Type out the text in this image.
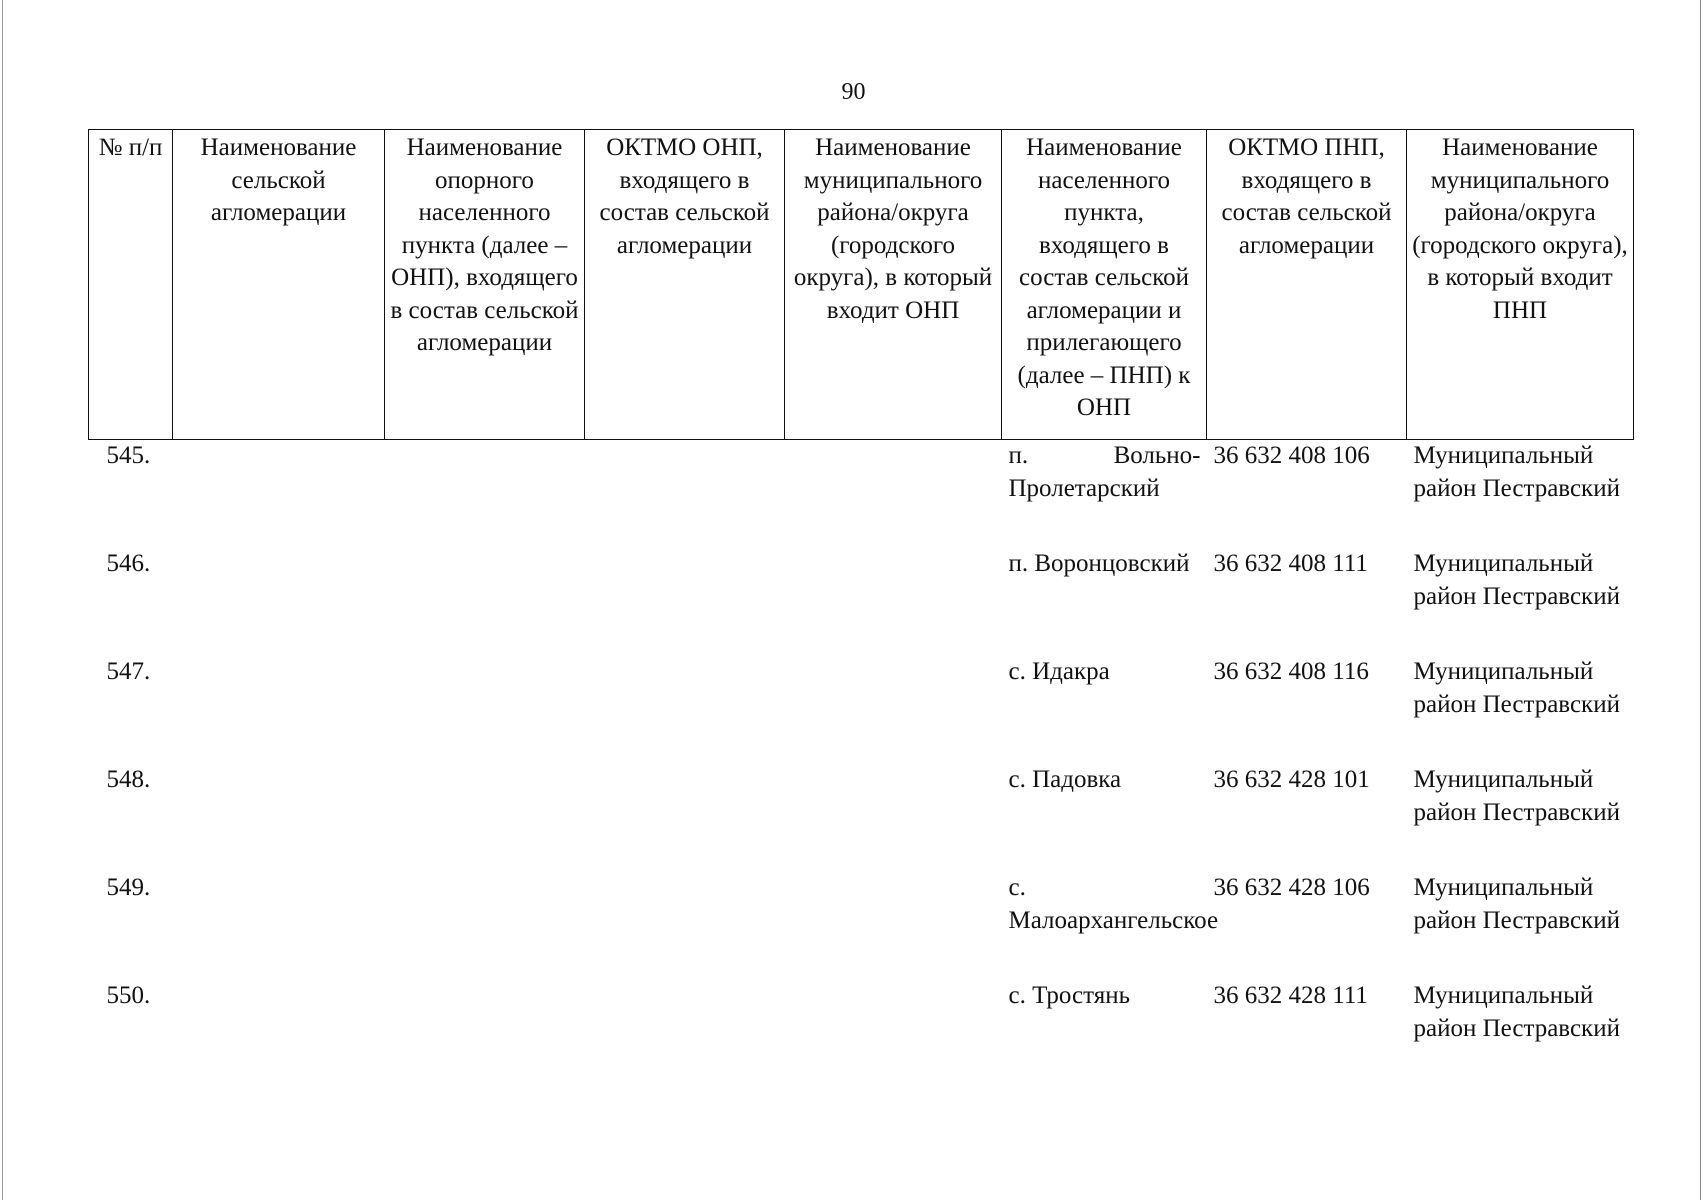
90
№ п/п	Наименование сельской агломерации	Наименование опорного населенного пункта (далее – ОНП), входящего в состав сельской агломерации	ОКТМО ОНП, входящего в состав сельской агломерации	Наименование муниципального района/округа (городского округа), в который входит ОНП	Наименование населенного пункта, входящего в состав сельской агломерации и прилегающего (далее – ПНП) к ОНП	ОКТМО ПНП, входящего в состав сельской агломерации	Наименование муниципального района/округа (городского округа), в который входит ПНП
545.					п. Вольно-Пролетарский	36 632 408 106	Муниципальный район Пестравский
546.					п. Воронцовский	36 632 408 111	Муниципальный район Пестравский
547.					с. Идакра	36 632 408 116	Муниципальный район Пестравский
548.					с. Падовка	36 632 428 101	Муниципальный район Пестравский
549.					с. Малоархангельское	36 632 428 106	Муниципальный район Пестравский
550.					с. Тростянь	36 632 428 111	Муниципальный район Пестравский
